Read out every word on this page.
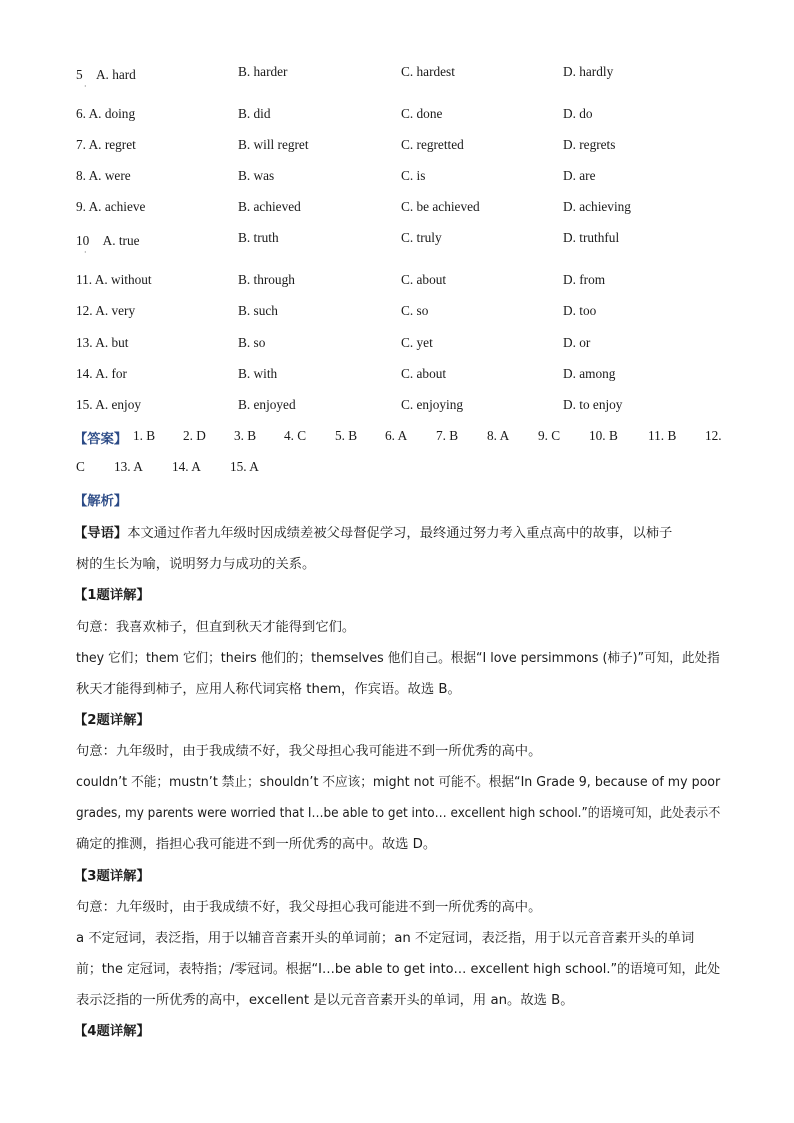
5　A. hard	B. harder	C. hardest	D. hardly
·
6. A. doing	B. did	C. done	D. do
7. A. regret	B. will regret	C. regretted	D. regrets
8. A. were	B. was	C. is	D. are
9. A. achieve	B. achieved	C. be achieved	D. achieving
10　A. true	B. truth	C. truly	D. truthful
·
11. A. without	B. through	C. about	D. from
12. A. very	B. such	C. so	D. too
13. A. but	B. so	C. yet	D. or
14. A. for	B. with	C. about	D. among
15. A. enjoy	B. enjoyed	C. enjoying	D. to enjoy
【答案】 1. B 2. D 3. B 4. C 5. B 6. A 7. B 8. A 9. C 10. B 11. B 12.
C 13. A 14. A 15. A
【解析】
【导语】本文通过作者九年级时因成绩差被父母督促学习，最终通过努力考入重点高中的故事，以柿子
树的生长为喻，说明努力与成功的关系。
【1题详解】
句意：我喜欢柿子，但直到秋天才能得到它们。
they 它们；them 它们；theirs 他们的；themselves 他们自己。根据“I love persimmons (柿子)”可知，此处指
秋天才能得到柿子，应用人称代词宾格 them，作宾语。故选 B。
【2题详解】
句意：九年级时，由于我成绩不好，我父母担心我可能进不到一所优秀的高中。
couldn’t 不能；mustn’t 禁止；shouldn’t 不应该；might not 可能不。根据“In Grade 9, because of my poor
grades, my parents were worried that I…be able to get into… excellent high school.”的语境可知，此处表示不
确定的推测，指担心我可能进不到一所优秀的高中。故选 D。
【3题详解】
句意：九年级时，由于我成绩不好，我父母担心我可能进不到一所优秀的高中。
a 不定冠词，表泛指，用于以辅音音素开头的单词前；an 不定冠词，表泛指，用于以元音音素开头的单词
前；the 定冠词，表特指；/零冠词。根据“I…be able to get into… excellent high school.”的语境可知，此处
表示泛指的一所优秀的高中，excellent 是以元音音素开头的单词，用 an。故选 B。
【4题详解】
